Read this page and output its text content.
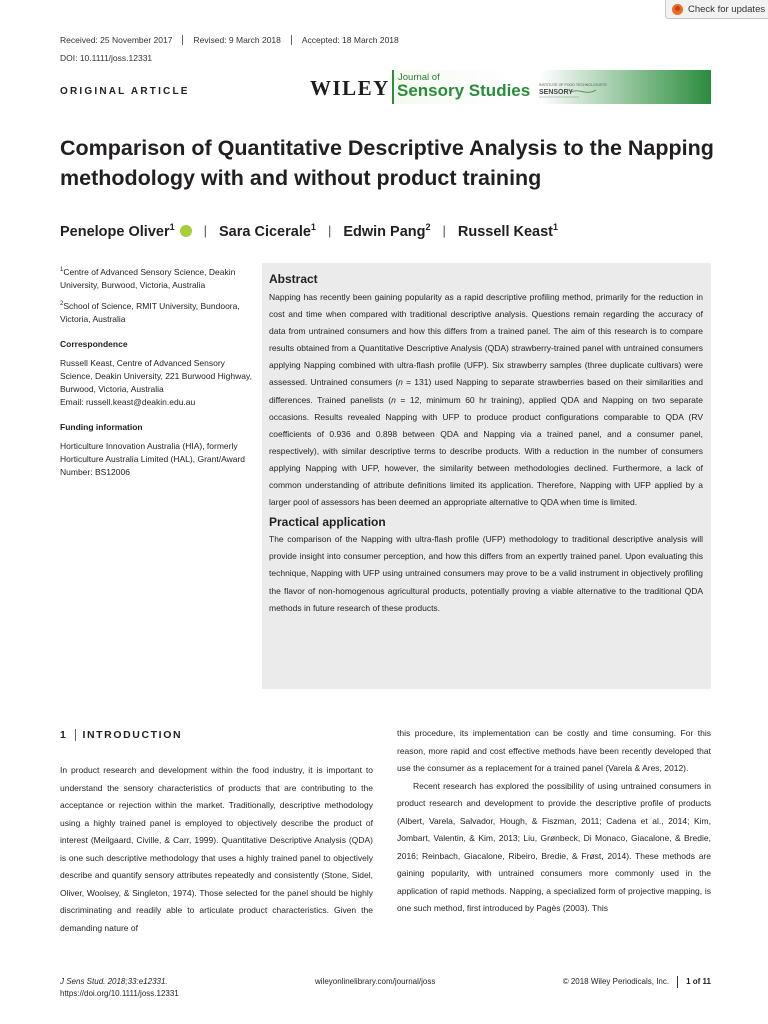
Check for updates
Received: 25 November 2017	Revised: 9 March 2018	Accepted: 18 March 2018
DOI: 10.1111/joss.12331
ORIGINAL ARTICLE	WILEY Journal of
Sensory Studies INSTITUTE OF FOOD TECHNOLOGISTS
SENSORY
Comparison of Quantitative Descriptive Analysis to the Napping methodology with and without product training
Penelope Oliver$^1$ | Sara Cicerale$^1$ | Edwin Pang$^2$ | Russell Keast$^1$

$^1$Centre of Advanced Sensory Science, Deakin University, Burwood, Victoria, Australia

$^2$School of Science, RMIT University, Bundoora, Victoria, Australia

Correspondence

Russell Keast, Centre of Advanced Sensory Science, Deakin University, 221 Burwood Highway, Burwood, Victoria, Australia
Email: russell.keast@deakin.edu.au

Funding information

Horticulture Innovation Australia (HIA), formerly Horticulture Australia Limited (HAL), Grant/Award Number: BS12006

Abstract

Napping has recently been gaining popularity as a rapid descriptive profiling method, primarily for the reduction in cost and time when compared with traditional descriptive analysis. Questions remain regarding the accuracy of data from untrained consumers and how this differs from a trained panel. The aim of this research is to compare results obtained from a Quantitative Descriptive Analysis (QDA) strawberry-trained panel with untrained consumers applying Napping combined with ultra-flash profile (UFP). Six strawberry samples (three duplicate cultivars) were assessed. Untrained consumers (n = 131) used Napping to separate strawberries based on their similarities and differences. Trained panelists (n = 12, minimum 60 hr training), applied QDA and Napping on two separate occasions. Results revealed Napping with UFP to produce product configurations comparable to QDA (RV coefficients of 0.936 and 0.898 between QDA and Napping via a trained panel, and a consumer panel, respectively), with similar descriptive terms to describe products. With a reduction in the number of consumers applying Napping with UFP, however, the similarity between methodologies declined. Furthermore, a lack of common understanding of attribute definitions limited its application. Therefore, Napping with UFP applied by a larger pool of assessors has been deemed an appropriate alternative to QDA when time is limited.

Practical application

The comparison of the Napping with ultra-flash profile (UFP) methodology to traditional descriptive analysis will provide insight into consumer perception, and how this differs from an expertly trained panel. Upon evaluating this technique, Napping with UFP using untrained consumers may prove to be a valid instrument in objectively profiling the flavor of non-homogenous agricultural products, potentially proving a viable alternative to the traditional QDA methods in future research of these products.

1 INTRODUCTION

In product research and development within the food industry, it is important to understand the sensory characteristics of products that are contributing to the acceptance or rejection within the market. Traditionally, descriptive methodology using a highly trained panel is employed to objectively describe the product of interest (Meilgaard, Civille, & Carr, 1999). Quantitative Descriptive Analysis (QDA) is one such descriptive methodology that uses a highly trained panel to objectively describe and quantify sensory attributes repeatedly and consistently (Stone, Sidel, Oliver, Woolsey, & Singleton, 1974). Those selected for the panel should be highly discriminating and readily able to articulate product characteristics. Given the demanding nature of

this procedure, its implementation can be costly and time consuming. For this reason, more rapid and cost effective methods have been recently developed that use the consumer as a replacement for a trained panel (Varela & Ares, 2012).

Recent research has explored the possibility of using untrained consumers in product research and development to provide the descriptive profile of products (Albert, Varela, Salvador, Hough, & Fiszman, 2011; Cadena et al., 2014; Kim, Jombart, Valentin, & Kim, 2013; Liu, Grønbeck, Di Monaco, Giacalone, & Bredie, 2016; Reinbach, Giacalone, Ribeiro, Bredie, & Frøst, 2014). These methods are gaining popularity, with untrained consumers more commonly used in the application of rapid methods. Napping, a specialized form of projective mapping, is one such method, first introduced by Pagès (2003). This

J Sens Stud. 2018;33:e12331.
https://doi.org/10.1111/joss.12331
wileyonlinelibrary.com/journal/joss	© 2018 Wiley Periodicals, Inc.	1 of 11
